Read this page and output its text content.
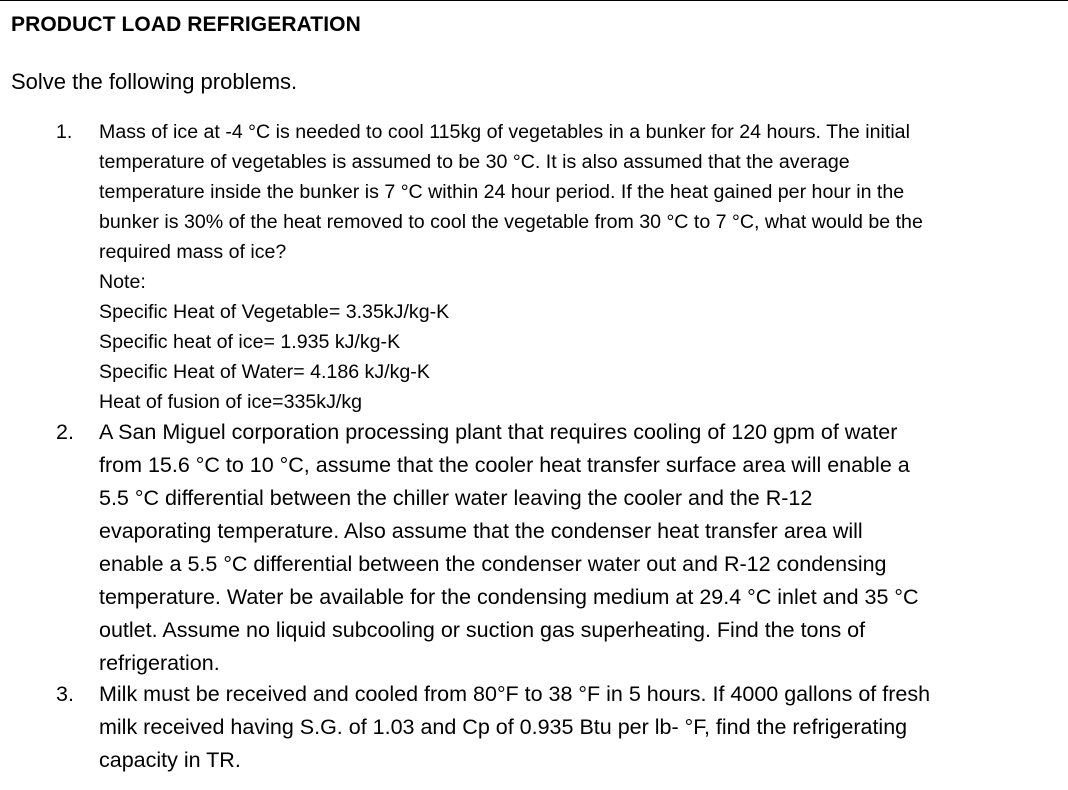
PRODUCT LOAD REFRIGERATION
Solve the following problems.
1. Mass of ice at -4 °C is needed to cool 115kg of vegetables in a bunker for 24 hours. The initial
temperature of vegetables is assumed to be 30 °C. It is also assumed that the average
temperature inside the bunker is 7 °C within 24 hour period. If the heat gained per hour in the
bunker is 30% of the heat removed to cool the vegetable from 30 °C to 7 °C, what would be the
required mass of ice?
Note:
Specific Heat of Vegetable= 3.35kJ/kg-K
Specific heat of ice= 1.935 kJ/kg-K
Specific Heat of Water= 4.186 kJ/kg-K
Heat of fusion of ice=335kJ/kg
2. A San Miguel corporation processing plant that requires cooling of 120 gpm of water
from 15.6 °C to 10 °C, assume that the cooler heat transfer surface area will enable a
5.5 °C differential between the chiller water leaving the cooler and the R-12
evaporating temperature. Also assume that the condenser heat transfer area will
enable a 5.5 °C differential between the condenser water out and R-12 condensing
temperature. Water be available for the condensing medium at 29.4 °C inlet and 35 °C
outlet. Assume no liquid subcooling or suction gas superheating. Find the tons of
refrigeration.
3. Milk must be received and cooled from 80°F to 38 °F in 5 hours. If 4000 gallons of fresh
milk received having S.G. of 1.03 and Cp of 0.935 Btu per lb- °F, find the refrigerating
capacity in TR.
